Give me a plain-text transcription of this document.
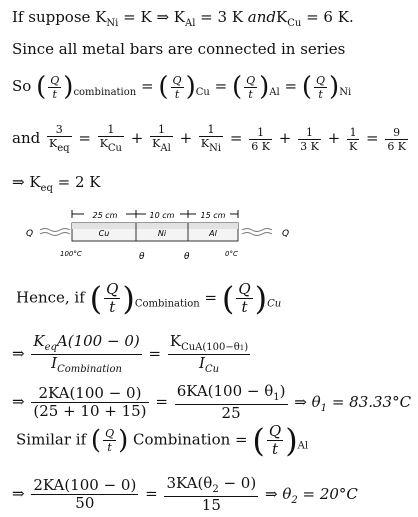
If suppose $K_{Ni} = K$ ⇒ $K_{Al} = 3$ K andK$_{Cu}$ = 6 K.
Since all metal bars are connected in series
So ( $\frac{Q}{t} )_{combination}$ = ( $\frac{Q}{t} )_{Cu}$ = ( $\frac{Q}{t} )_{Al}$ = ( $\frac{Q}{t} )_{Ni}$
and $\frac{3}{\text{Keq}} = \frac{1}{\text{KCu}} + \frac{1}{\text{KAl}} + \frac{1}{\text{KNi}} = \frac{1}{6 K} + \frac{1}{3 K} + \frac{1}{K} = \frac{9}{6 K}$
⇒ $K_{eq} = 2$ K
25 cm	10 cm	15 cm
Cu	Ni	Al
Q	Q
100°C	θ	θ	0°C
Hence, if ( $\frac{Q}{t} )_{Combination}$ = ( $\frac{Q}{t} )_{Cu}$
⇒ $\frac{K_{eq}A(100 - 0)}{I_{Combination}} = \frac{K_{CuA(100-\theta 1)}}{I_{Cu}}$
⇒ $\frac{2KA(100 - 0)}{(25 + 10 + 15)} = \frac{6KA(100 - \theta_1)}{25}$ ⇒ $\theta_1 = 83.33^\circ C$
Similar if ( $\frac{Q}{t}$ ) Combination = ( $\frac{Q}{t} )_{Al}$
⇒ $\frac{2KA(100 - 0)}{50} = \frac{3KA(\theta_2 - 0)}{15}$ ⇒ $\theta_2 = 20^\circ C$
